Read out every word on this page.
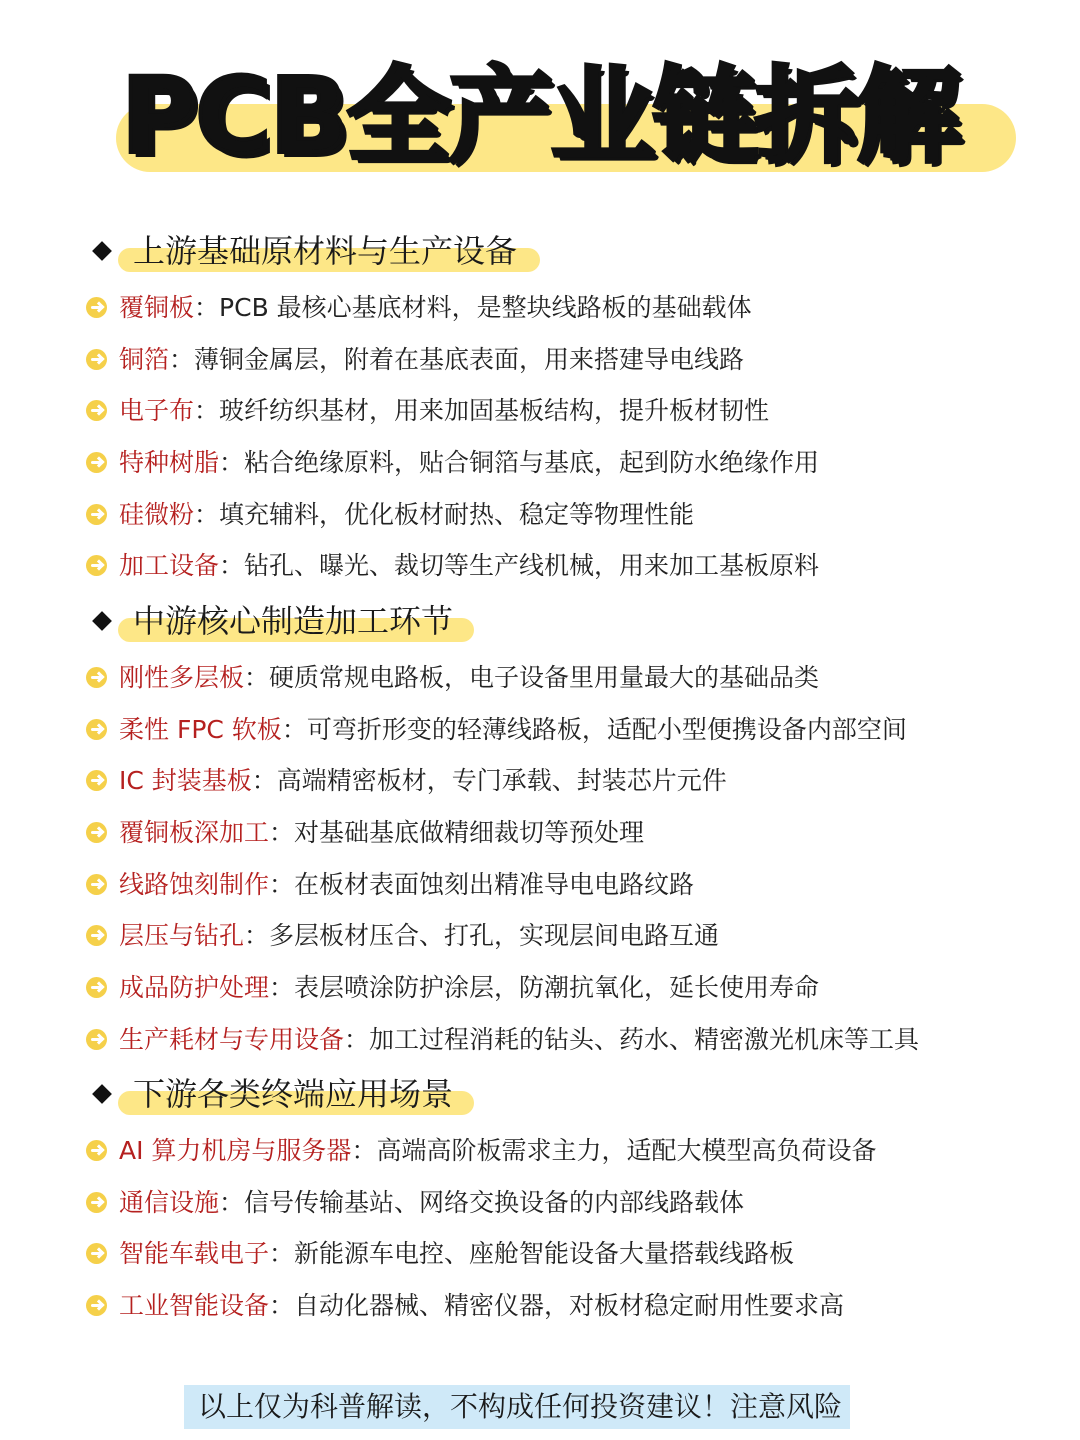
PCB全产业链拆解
上游基础原材料与生产设备
覆铜板：PCB 最核心基底材料，是整块线路板的基础载体
铜箔：薄铜金属层，附着在基底表面，用来搭建导电线路
电子布：玻纤纺织基材，用来加固基板结构，提升板材韧性
特种树脂：粘合绝缘原料，贴合铜箔与基底，起到防水绝缘作用
硅微粉：填充辅料，优化板材耐热、稳定等物理性能
加工设备：钻孔、曝光、裁切等生产线机械，用来加工基板原料
中游核心制造加工环节
刚性多层板：硬质常规电路板，电子设备里用量最大的基础品类
柔性 FPC 软板：可弯折形变的轻薄线路板，适配小型便携设备内部空间
IC 封装基板：高端精密板材，专门承载、封装芯片元件
覆铜板深加工：对基础基底做精细裁切等预处理
线路蚀刻制作：在板材表面蚀刻出精准导电电路纹路
层压与钻孔：多层板材压合、打孔，实现层间电路互通
成品防护处理：表层喷涂防护涂层，防潮抗氧化，延长使用寿命
生产耗材与专用设备：加工过程消耗的钻头、药水、精密激光机床等工具
下游各类终端应用场景
AI 算力机房与服务器：高端高阶板需求主力，适配大模型高负荷设备
通信设施：信号传输基站、网络交换设备的内部线路载体
智能车载电子：新能源车电控、座舱智能设备大量搭载线路板
工业智能设备：自动化器械、精密仪器，对板材稳定耐用性要求高
以上仅为科普解读，不构成任何投资建议！注意风险
